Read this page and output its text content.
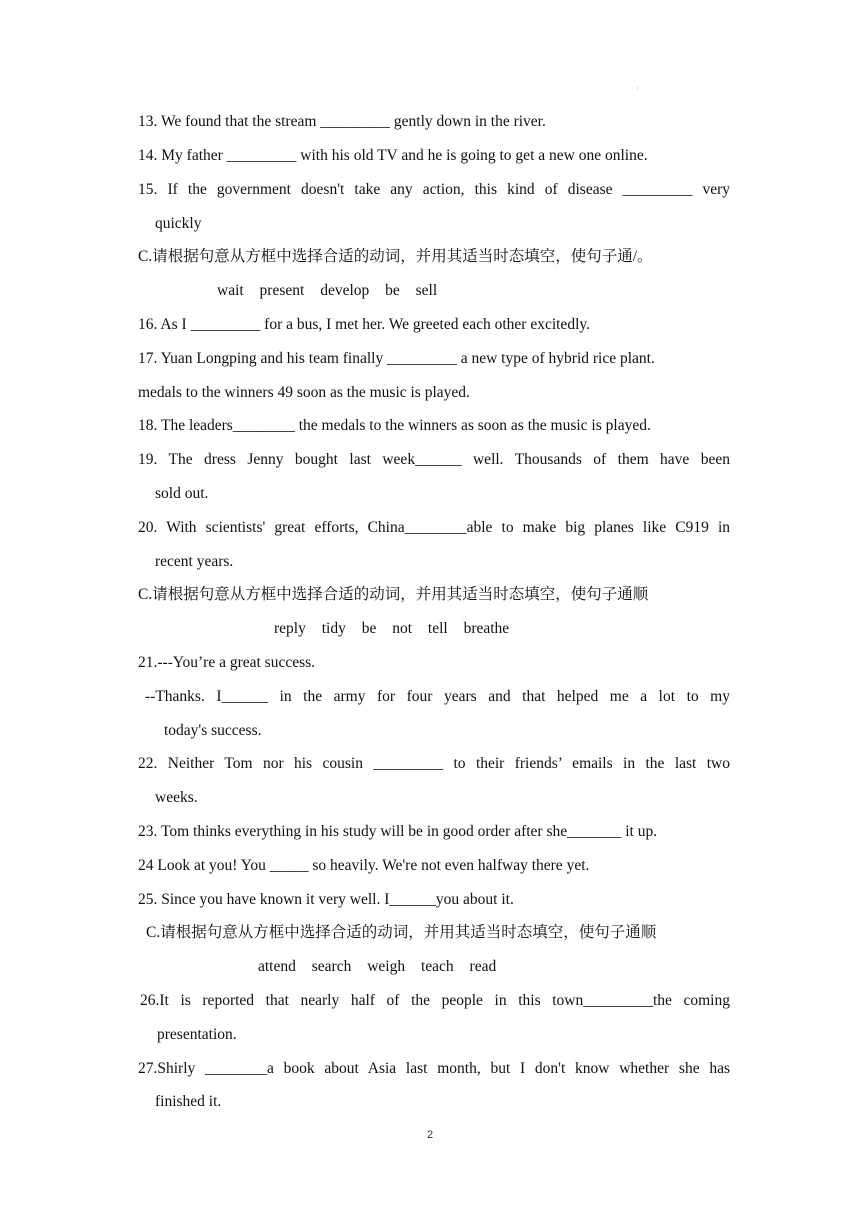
·
13. We found that the stream _________ gently down in the river.
14. My father _________ with his old TV and he is going to get a new one online.
15. If the government doesn't take any action, this kind of disease _________ very
quickly
C.请根据句意从方框中选择合适的动词，并用其适当时态填空，使句子通/。
wait present develop be sell
16. As I _________ for a bus, I met her. We greeted each other excitedly.
17. Yuan Longping and his team finally _________ a new type of hybrid rice plant.
medals to the winners 49 soon as the music is played.
18. The leaders________ the medals to the winners as soon as the music is played.
19. The dress Jenny bought last week______ well. Thousands of them have been
sold out.
20. With scientists' great efforts, China________able to make big planes like C919 in
recent years.
C.请根据句意从方框中选择合适的动词，并用其适当时态填空，使句子通顺
reply tidy be not tell breathe
21.---You’re a great success.
--Thanks. I______ in the army for four years and that helped me a lot to my
today's success.
22. Neither Tom nor his cousin _________ to their friends’ emails in the last two
weeks.
23. Tom thinks everything in his study will be in good order after she_______ it up.
24 Look at you! You _____ so heavily. We're not even halfway there yet.
25. Since you have known it very well. I______you about it.
C.请根据句意从方框中选择合适的动词，并用其适当时态填空，使句子通顺
attend search weigh teach read
26.It is reported that nearly half of the people in this town_________the coming
presentation.
27.Shirly ________a book about Asia last month, but I don't know whether she has
finished it.
2
